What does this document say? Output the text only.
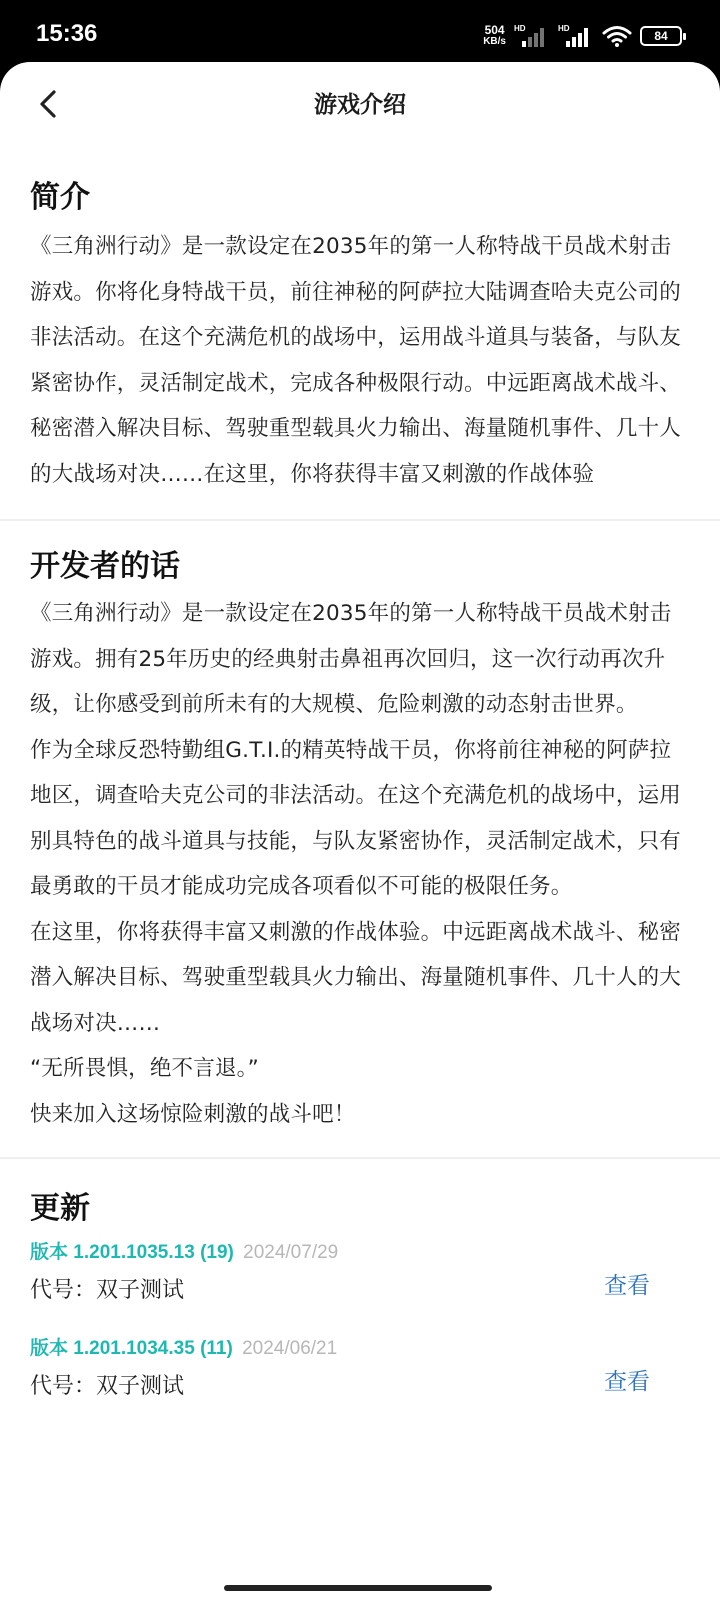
15:36	504
KB/s
HD	HD
84
游戏介绍
简介
《三角洲行动》是一款设定在2035年的第一人称特战干员战术射击游戏。你将化身特战干员，前往神秘的阿萨拉大陆调查哈夫克公司的非法活动。在这个充满危机的战场中，运用战斗道具与装备，与队友紧密协作，灵活制定战术，完成各种极限行动。中远距离战术战斗、秘密潜入解决目标、驾驶重型载具火力输出、海量随机事件、几十人的大战场对决……在这里，你将获得丰富又刺激的作战体验
开发者的话
《三角洲行动》是一款设定在2035年的第一人称特战干员战术射击游戏。拥有25年历史的经典射击鼻祖再次回归，这一次行动再次升级，让你感受到前所未有的大规模、危险刺激的动态射击世界。
作为全球反恐特勤组G.T.I.的精英特战干员，你将前往神秘的阿萨拉地区，调查哈夫克公司的非法活动。在这个充满危机的战场中，运用别具特色的战斗道具与技能，与队友紧密协作，灵活制定战术，只有最勇敢的干员才能成功完成各项看似不可能的极限任务。
在这里，你将获得丰富又刺激的作战体验。中远距离战术战斗、秘密潜入解决目标、驾驶重型载具火力输出、海量随机事件、几十人的大战场对决……
“无所畏惧，绝不言退。”
快来加入这场惊险刺激的战斗吧！
更新
版本 1.201.1035.13 (19) 2024/07/29
代号：双子测试	查看
版本 1.201.1034.35 (11) 2024/06/21
代号：双子测试	查看
